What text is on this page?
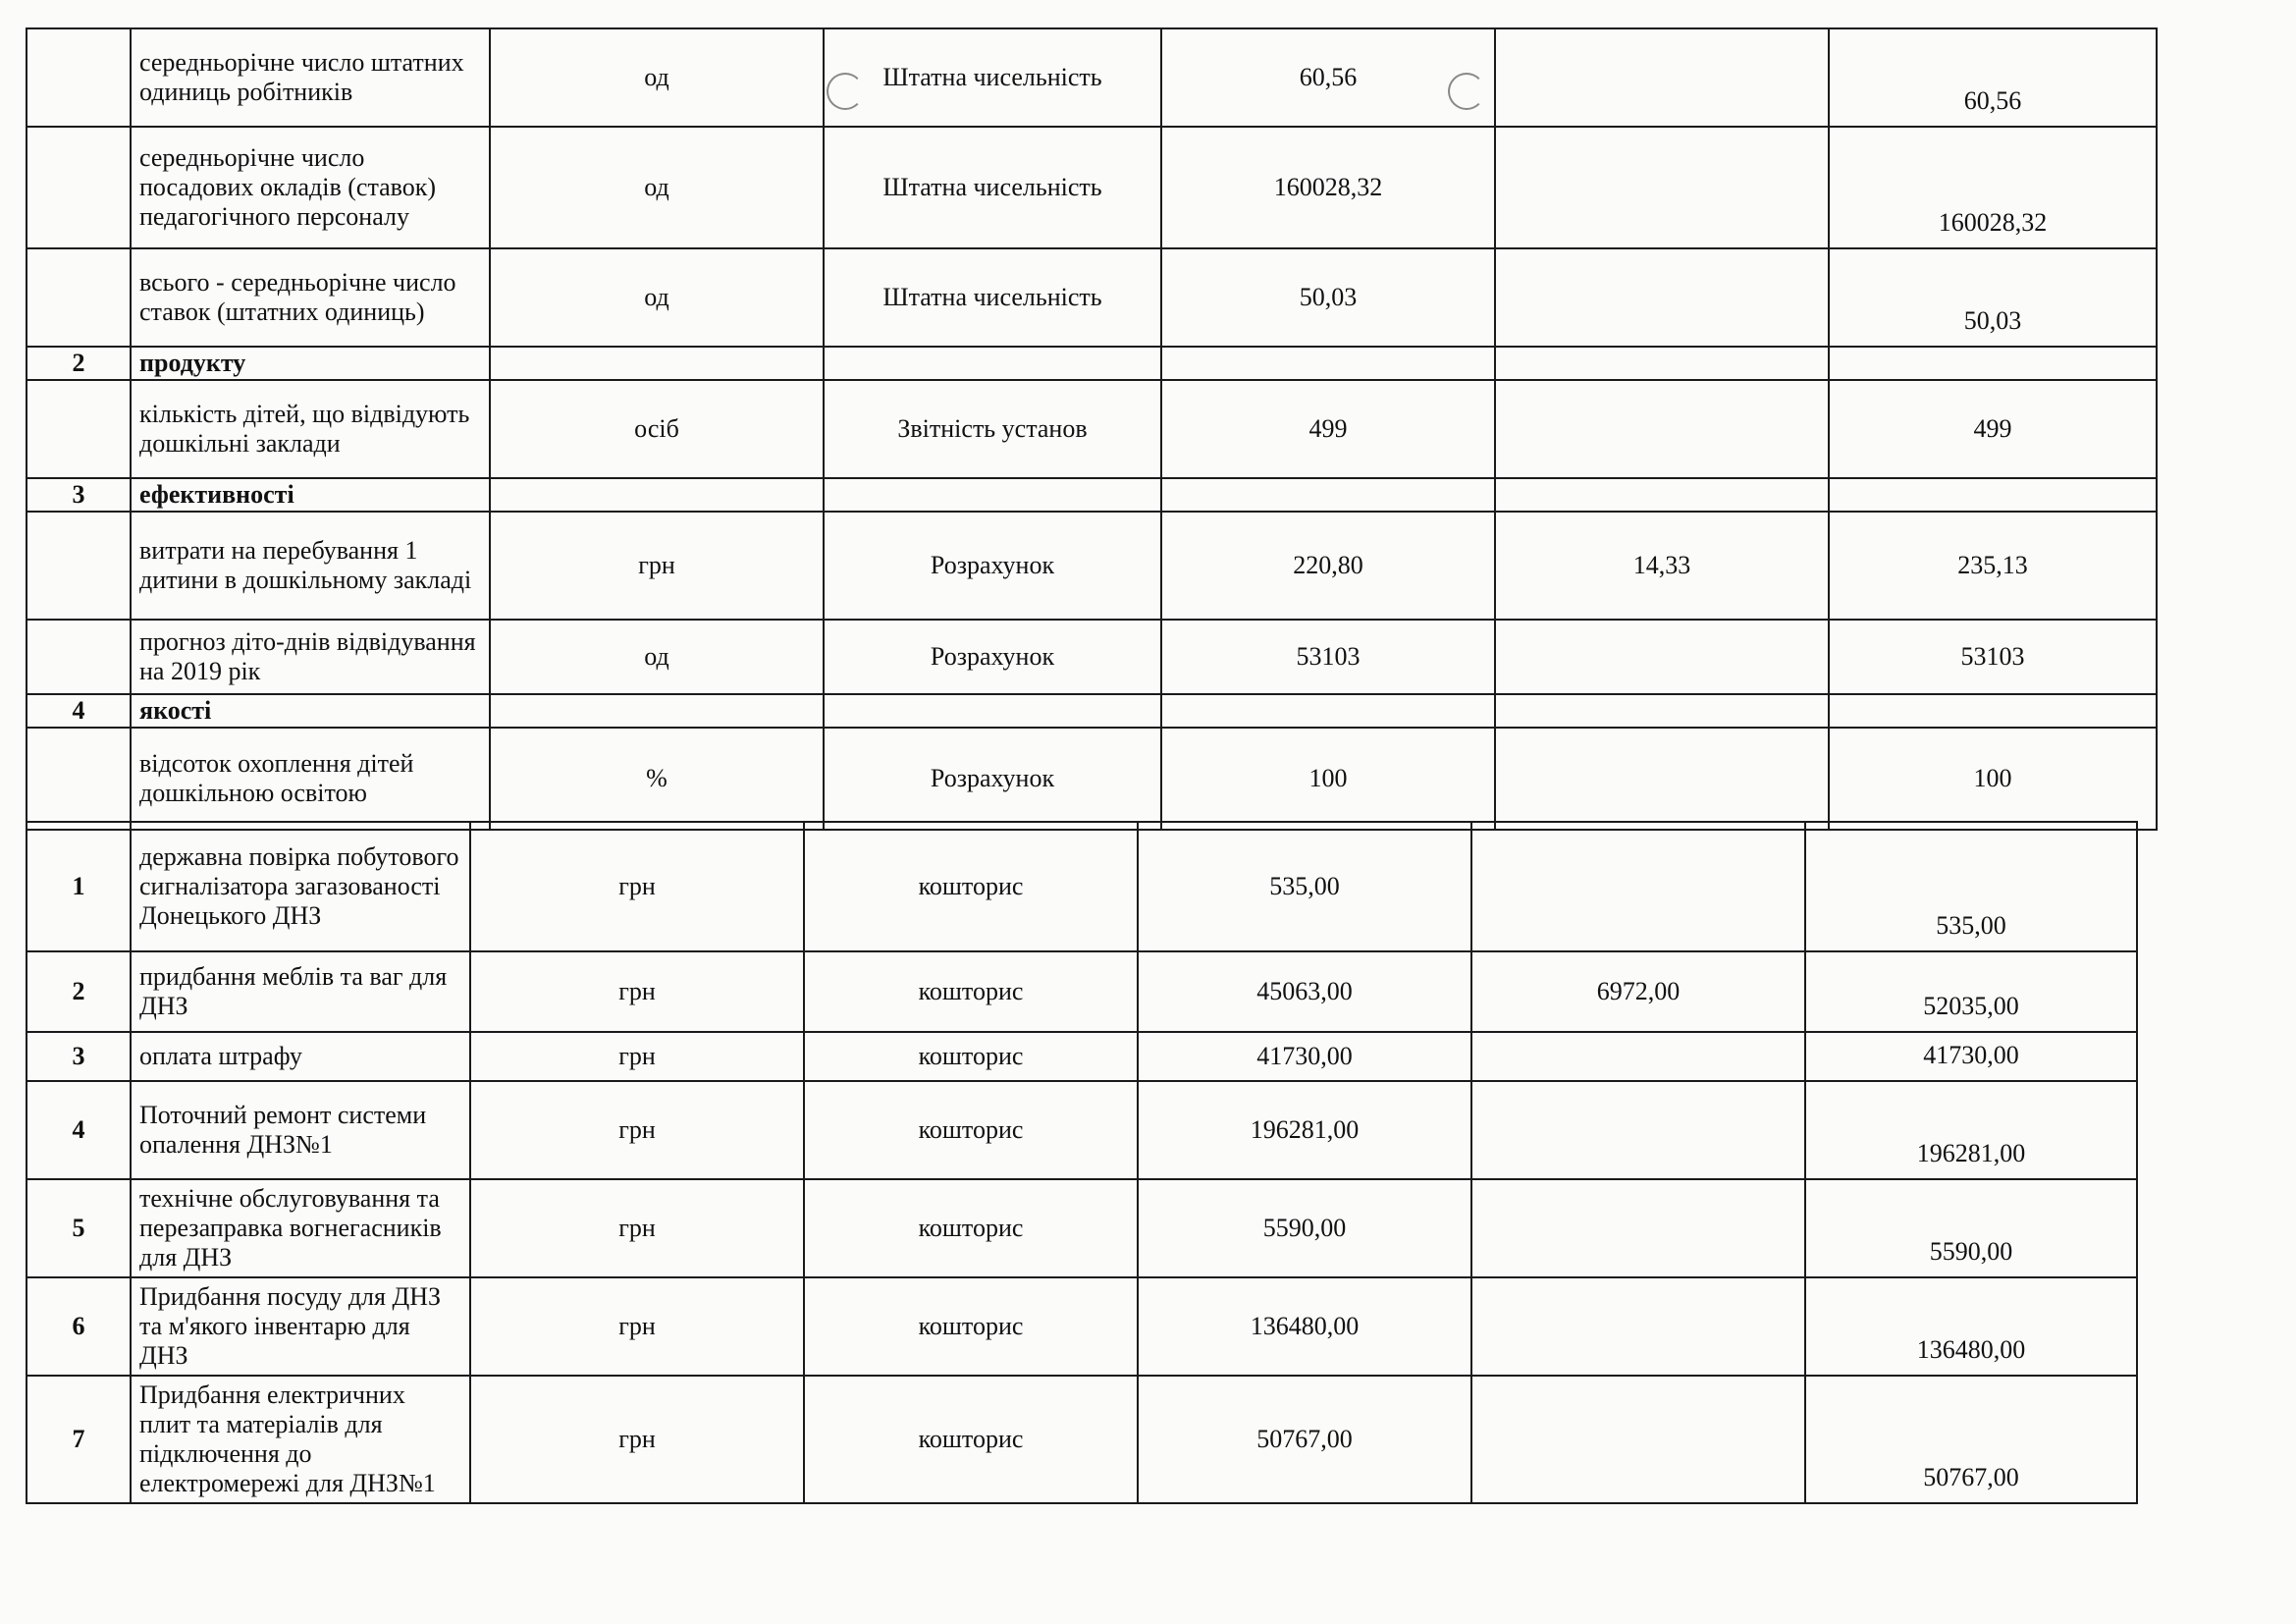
	середньорічне число штатних одиниць робітників	од	Штатна чисельність	60,56		60,56
	середньорічне число посадових окладів (ставок) педагогічного персоналу	од	Штатна чисельність	160028,32		160028,32
	всього - середньорічне число ставок (штатних одиниць)	од	Штатна чисельність	50,03		50,03
2	продукту					
	кількість дітей, що відвідують дошкільні заклади	осіб	Звітність установ	499		499
3	ефективності					
	витрати на перебування 1 дитини в дошкільному закладі	грн	Розрахунок	220,80	14,33	235,13
	прогноз дітo-днів відвідування на 2019 рік	од	Розрахунок	53103		53103
4	якості					
	відсоток охоплення дітей дошкільною освітою	%	Розрахунок	100		100
1	державна повірка побутового сигналізатора загазованості Донецького ДНЗ	грн	кошторис	535,00		535,00
2	придбання меблів та ваг для ДНЗ	грн	кошторис	45063,00	6972,00	52035,00
3	оплата штрафу	грн	кошторис	41730,00		41730,00
4	Поточний ремонт системи опалення ДНЗ№1	грн	кошторис	196281,00		196281,00
5	технічне обслуговування та перезаправка вогнегасників для ДНЗ	грн	кошторис	5590,00		5590,00
6	Придбання посуду для ДНЗ та м'якого інвентарю для ДНЗ	грн	кошторис	136480,00		136480,00
7	Придбання електричних плит та матеріалів для підключення до електромережі для ДНЗ№1	грн	кошторис	50767,00		50767,00
